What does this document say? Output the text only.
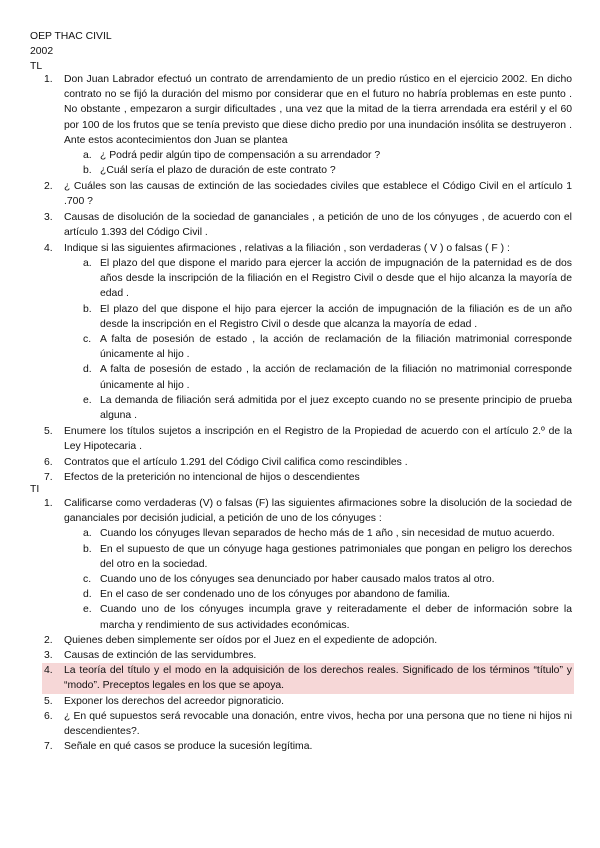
OEP THAC CIVIL
2002
TL
1. Don Juan Labrador efectuó un contrato de arrendamiento de un predio rústico en el ejercicio 2002. En dicho contrato no se fijó la duración del mismo por considerar que en el futuro no habría problemas en este punto . No obstante , empezaron a surgir dificultades , una vez que la mitad de la tierra arrendada era estéril y el 60 por 100 de los frutos que se tenía previsto que diese dicho predio por una inundación insólita se destruyeron . Ante estos acontecimientos don Juan se plantea
a. ¿ Podrá pedir algún tipo de compensación a su arrendador ?
b. ¿Cuál sería el plazo de duración de este contrato ?
2. ¿ Cuáles son las causas de extinción de las sociedades civiles que establece el Código Civil en el artículo 1 .700 ?
3. Causas de disolución de la sociedad de gananciales , a petición de uno de los cónyuges , de acuerdo con el artículo 1.393 del Código Civil .
4. Indique si las siguientes afirmaciones , relativas a la filiación , son verdaderas ( V ) o falsas ( F ) :
a. El plazo del que dispone el marido para ejercer la acción de impugnación de la paternidad es de dos años desde la inscripción de la filiación en el Registro Civil o desde que el hijo alcanza la mayoría de edad .
b. El plazo del que dispone el hijo para ejercer la acción de impugnación de la filiación es de un año desde la inscripción en el Registro Civil o desde que alcanza la mayoría de edad .
c. A falta de posesión de estado , la acción de reclamación de la filiación matrimonial corresponde únicamente al hijo .
d. A falta de posesión de estado , la acción de reclamación de la filiación no matrimonial corresponde únicamente al hijo .
e. La demanda de filiación será admitida por el juez excepto cuando no se presente principio de prueba alguna .
5. Enumere los títulos sujetos a inscripción en el Registro de la Propiedad de acuerdo con el artículo 2.º de la Ley Hipotecaria .
6. Contratos que el artículo 1.291 del Código Civil califica como rescindibles .
7. Efectos de la preterición no intencional de hijos o descendientes
TI
1. Calificarse como verdaderas (V) o falsas (F) las siguientes afirmaciones sobre la disolución de la sociedad de gananciales por decisión judicial, a petición de uno de los cónyuges :
a. Cuando los cónyuges llevan separados de hecho más de 1 año , sin necesidad de mutuo acuerdo.
b. En el supuesto de que un cónyuge haga gestiones patrimoniales que pongan en peligro los derechos del otro en la sociedad.
c. Cuando uno de los cónyuges sea denunciado por haber causado malos tratos al otro.
d. En el caso de ser condenado uno de los cónyuges por abandono de familia.
e. Cuando uno de los cónyuges incumpla grave y reiteradamente el deber de información sobre la marcha y rendimiento de sus actividades económicas.
2. Quienes deben simplemente ser oídos por el Juez en el expediente de adopción.
3. Causas de extinción de las servidumbres.
4. La teoría del título y el modo en la adquisición de los derechos reales. Significado de los términos “título” y “modo”. Preceptos legales en los que se apoya.
5. Exponer los derechos del acreedor pignoraticio.
6. ¿ En qué supuestos será revocable una donación, entre vivos, hecha por una persona que no tiene ni hijos ni descendientes?.
7. Señale en qué casos se produce la sucesión legítima.
